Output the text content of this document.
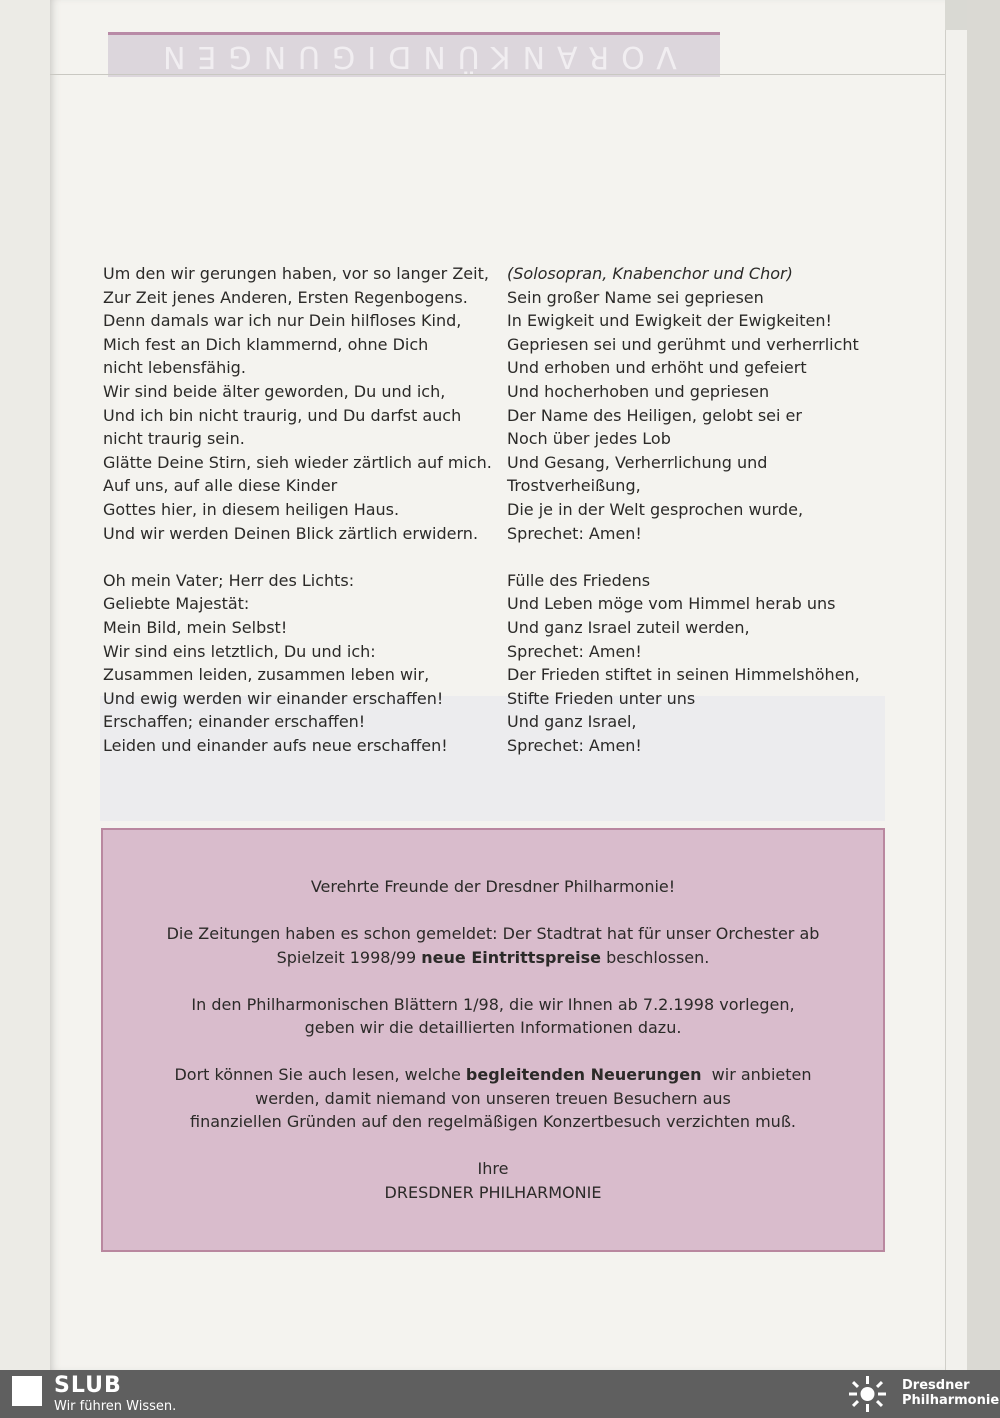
VORANKÜNDIGUNGEN
Um den wir gerungen haben, vor so langer Zeit,
Zur Zeit jenes Anderen, Ersten Regenbogens.
Denn damals war ich nur Dein hilfloses Kind,
Mich fest an Dich klammernd, ohne Dich
nicht lebensfähig.
Wir sind beide älter geworden, Du und ich,
Und ich bin nicht traurig, und Du darfst auch
nicht traurig sein.
Glätte Deine Stirn, sieh wieder zärtlich auf mich.
Auf uns, auf alle diese Kinder
Gottes hier, in diesem heiligen Haus.
Und wir werden Deinen Blick zärtlich erwidern.
Oh mein Vater; Herr des Lichts:
Geliebte Majestät:
Mein Bild, mein Selbst!
Wir sind eins letztlich, Du und ich:
Zusammen leiden, zusammen leben wir,
Und ewig werden wir einander erschaffen!
Erschaffen; einander erschaffen!
Leiden und einander aufs neue erschaffen!
(Solosopran, Knabenchor und Chor)
Sein großer Name sei gepriesen
In Ewigkeit und Ewigkeit der Ewigkeiten!
Gepriesen sei und gerühmt und verherrlicht
Und erhoben und erhöht und gefeiert
Und hocherhoben und gepriesen
Der Name des Heiligen, gelobt sei er
Noch über jedes Lob
Und Gesang, Verherrlichung und
Trostverheißung,
Die je in der Welt gesprochen wurde,
Sprechet: Amen!
Fülle des Friedens
Und Leben möge vom Himmel herab uns
Und ganz Israel zuteil werden,
Sprechet: Amen!
Der Frieden stiftet in seinen Himmelshöhen,
Stifte Frieden unter uns
Und ganz Israel,
Sprechet: Amen!

Verehrte Freunde der Dresdner Philharmonie!

Die Zeitungen haben es schon gemeldet: Der Stadtrat hat für unser Orchester ab

Spielzeit 1998/99 neue Eintrittspreise beschlossen.

In den Philharmonischen Blättern 1/98, die wir Ihnen ab 7.2.1998 vorlegen,

geben wir die detaillierten Informationen dazu.

Dort können Sie auch lesen, welche begleitenden Neuerungen  wir anbieten

werden, damit niemand von unseren treuen Besuchern aus

finanziellen Gründen auf den regelmäßigen Konzertbesuch verzichten muß.

Ihre

DRESDNER PHILHARMONIE

SLUB
Wir führen Wissen.
Dresdner
Philharmonie
